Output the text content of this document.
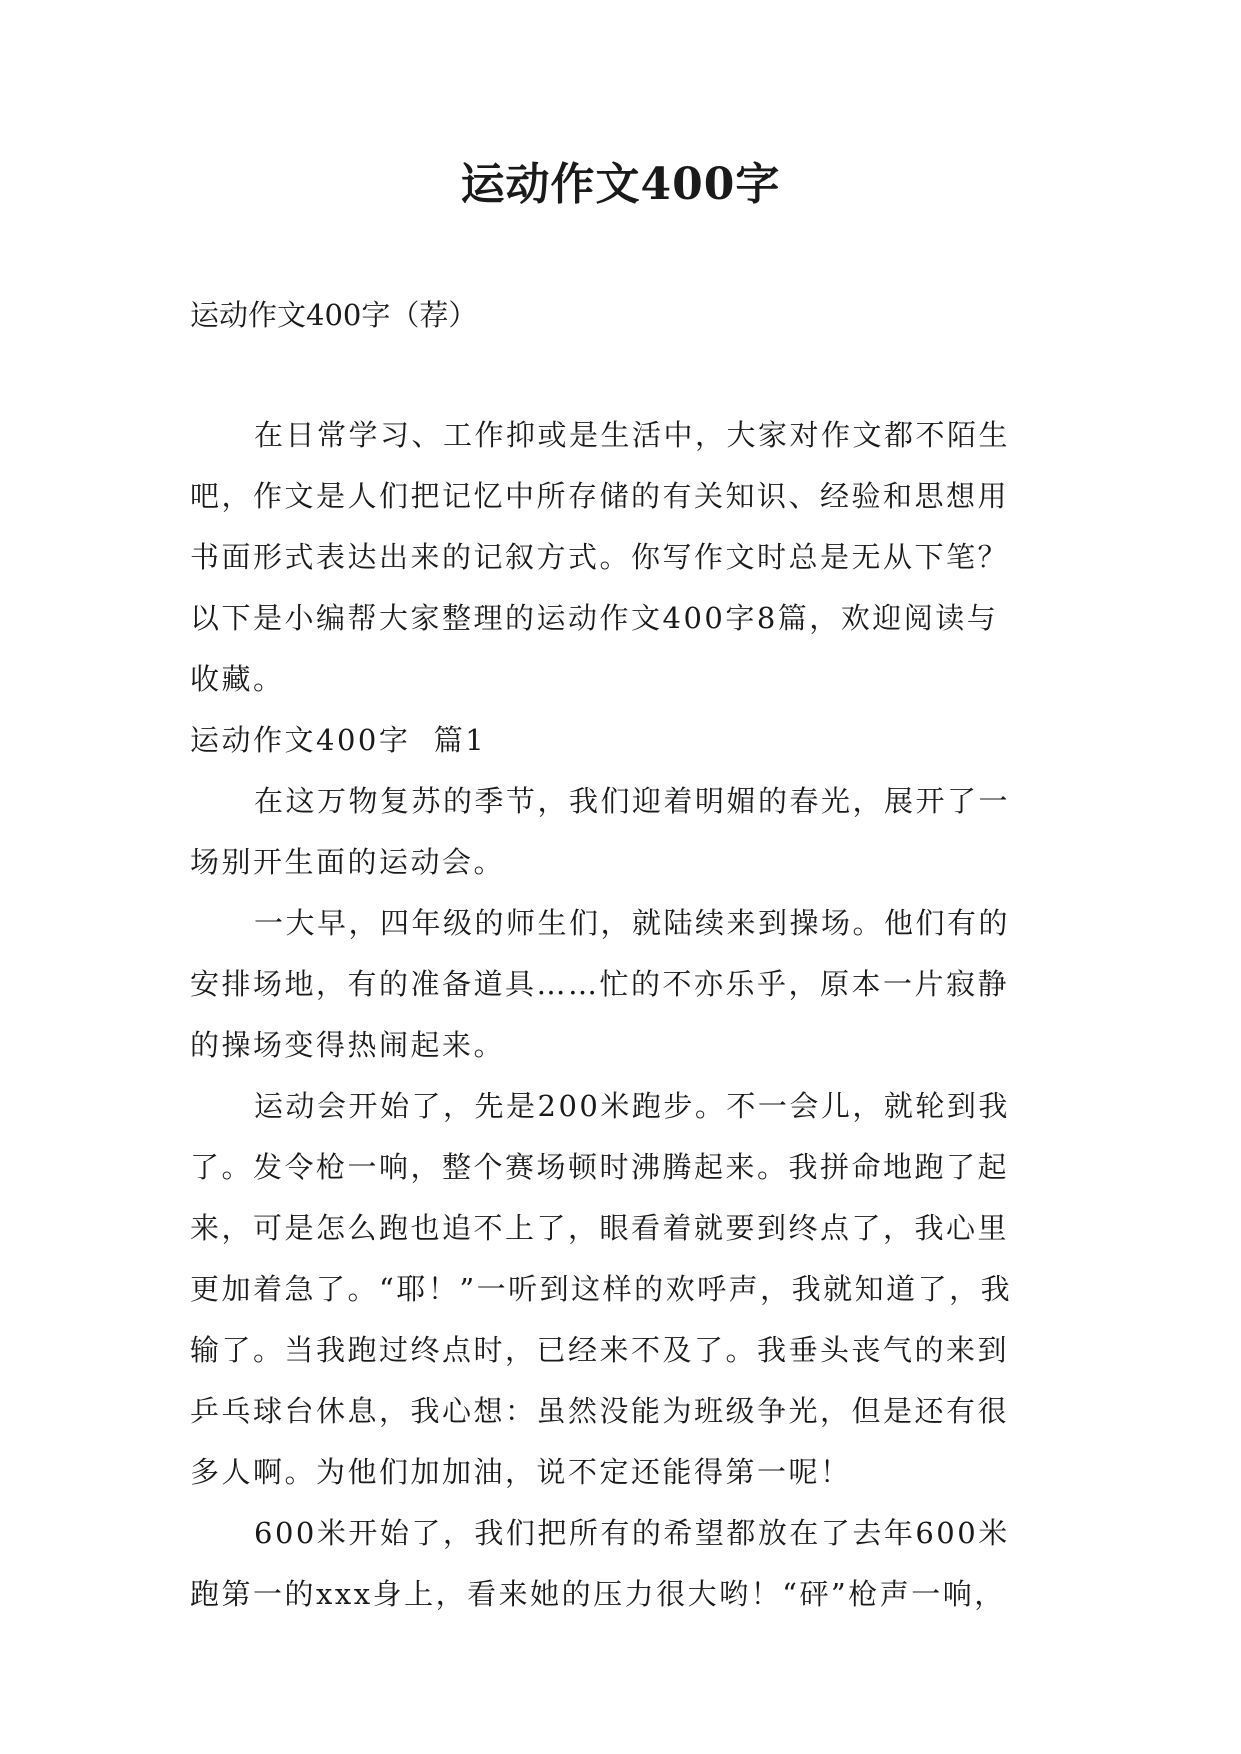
运动作文400字

运动作文400字（荐）

在日常学习、工作抑或是生活中，大家对作文都不陌生

吧，作文是人们把记忆中所存储的有关知识、经验和思想用

书面形式表达出来的记叙方式。你写作文时总是无从下笔？

以下是小编帮大家整理的运动作文400字8篇，欢迎阅读与

收藏。

运动作文400字  篇1

在这万物复苏的季节，我们迎着明媚的春光，展开了一

场别开生面的运动会。

一大早，四年级的师生们，就陆续来到操场。他们有的

安排场地，有的准备道具……忙的不亦乐乎，原本一片寂静

的操场变得热闹起来。

运动会开始了，先是200米跑步。不一会儿，就轮到我

了。发令枪一响，整个赛场顿时沸腾起来。我拼命地跑了起

来，可是怎么跑也追不上了，眼看着就要到终点了，我心里

更加着急了。“耶！”一听到这样的欢呼声，我就知道了，我

输了。当我跑过终点时，已经来不及了。我垂头丧气的来到

乒乓球台休息，我心想：虽然没能为班级争光，但是还有很

多人啊。为他们加加油，说不定还能得第一呢！

600米开始了，我们把所有的希望都放在了去年600米

跑第一的xxx身上，看来她的压力很大哟！“砰”枪声一响，
